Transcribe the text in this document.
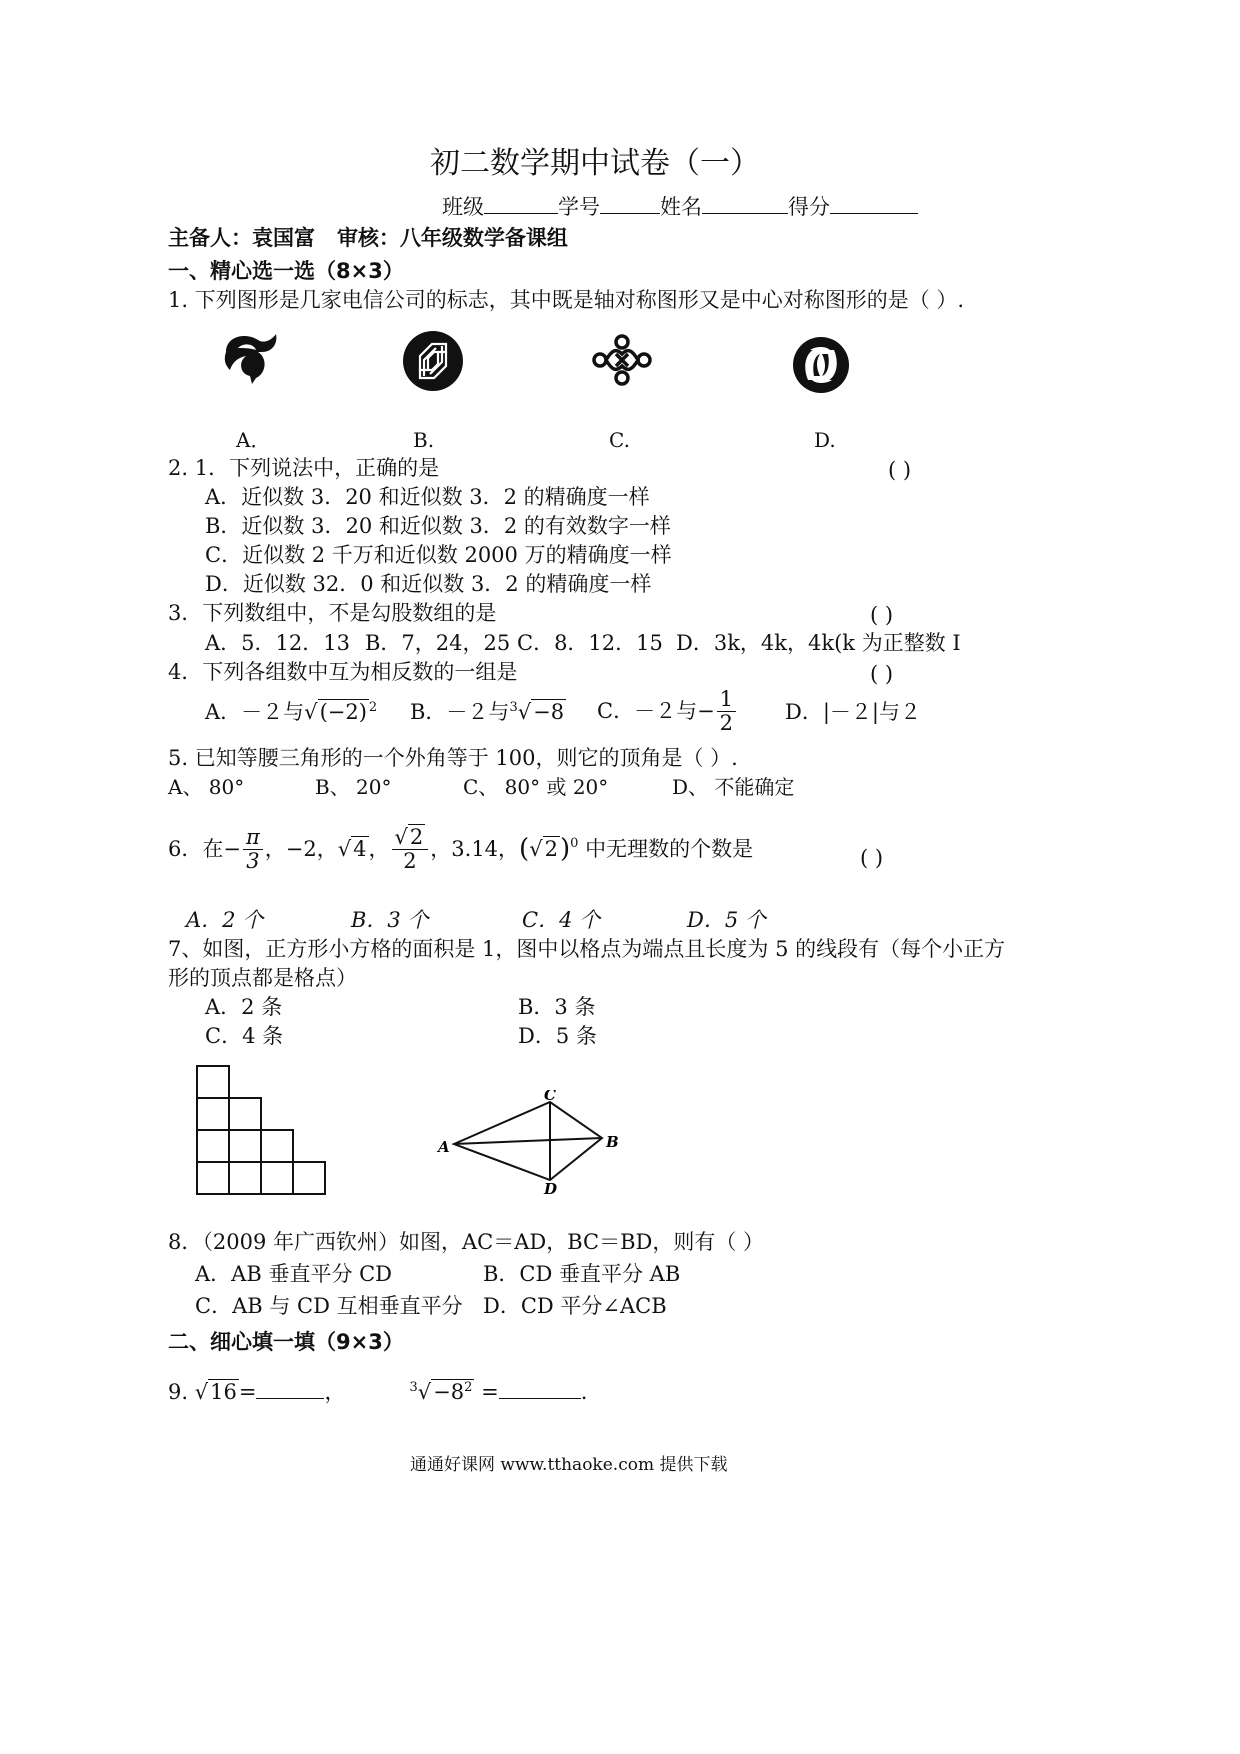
初二数学期中试卷（一）
班级	学号	姓名	得分
主备人：袁国富 审核：八年级数学备课组
一、精心选一选（8×3）
1. 下列图形是几家电信公司的标志，其中既是轴对称图形又是中心对称图形的是（ ）.
A．	B.	C.	D.
2. 1．下列说法中，正确的是	( )
A．近似数 3．20 和近似数 3．2 的精确度一样
B．近似数 3．20 和近似数 3．2 的有效数字一样
C．近似数 2 千万和近似数 2000 万的精确度一样
D．近似数 32．0 和近似数 3．2 的精确度一样
3．下列数组中，不是勾股数组的是	( )
A．5．12．13 B．7，24，25 C．8．12．15 D．3k，4k，4k(k 为正整数 I
4．下列各组数中互为相反数的一组是	( )
A．－２与√(−2) $^2$ B．－２与$^3$√−8 C．－２与− $\frac{1}{2}$ D．|－２|与２
5. 已知等腰三角形的一个外角等于 100，则它的顶角是（ ）.
A、 80°	B、 20°	C、 80° 或 20°	D、 不能确定
6．在− $\frac{\pi}{3}$ ，−2，√4， $\frac{√2}{2}$ ，3.14，$(√2)^0$ 中无理数的个数是	( )
A．2 个	B．3 个	C．4 个	D．5 个
7、如图，正方形小方格的面积是 1，图中以格点为端点且长度为 5 的线段有（每个小正方
形的顶点都是格点）
A．2 条	B．3 条
C．4 条	D．5 条
A	B
C
D
8．（2009 年广西钦州）如图，AC＝AD，BC＝BD，则有（ ）
A．AB 垂直平分 CD	B．CD 垂直平分 AB
C．AB 与 CD 互相垂直平分 D．CD 平分∠ACB
二、细心填一填（9×3）
9. √16=	，	$^3√-8^2$ =	.
通通好课网 www.tthaoke.com 提供下载
